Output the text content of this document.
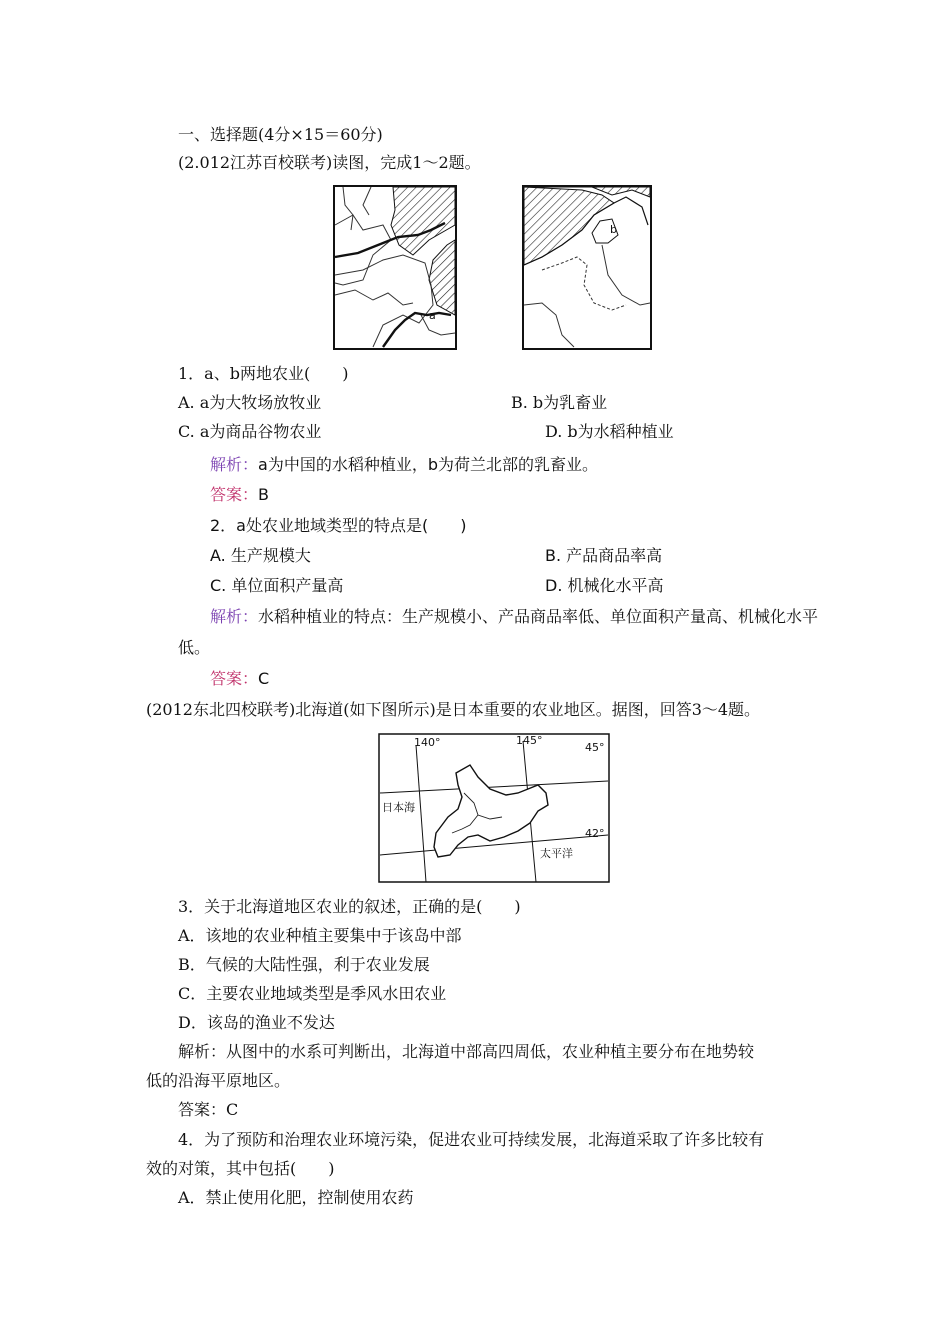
一、选择题(4分×15＝60分)
(2.012江苏百校联考)读图，完成1～2题。
a
b
1．a、b两地农业(　　)
A. a为大牧场放牧业	B. b为乳畜业
C. a为商品谷物农业	D. b为水稻种植业
解析：a为中国的水稻种植业，b为荷兰北部的乳畜业。
答案：B
2．a处农业地域类型的特点是(　　)
A. 生产规模大	B. 产品商品率高
C. 单位面积产量高	D. 机械化水平高
解析：水稻种植业的特点：生产规模小、产品商品率低、单位面积产量高、机械化水平
低。
答案：C
(2012东北四校联考)北海道(如下图所示)是日本重要的农业地区。据图，回答3～4题。
140°	145°
45°
42°
日本海
太平洋
3．关于北海道地区农业的叙述，正确的是(　　)
A．该地的农业种植主要集中于该岛中部
B．气候的大陆性强，利于农业发展
C．主要农业地域类型是季风水田农业
D．该岛的渔业不发达
解析：从图中的水系可判断出，北海道中部高四周低，农业种植主要分布在地势较
低的沿海平原地区。
答案：C
4．为了预防和治理农业环境污染，促进农业可持续发展，北海道采取了许多比较有
效的对策，其中包括(　　)
A．禁止使用化肥，控制使用农药
